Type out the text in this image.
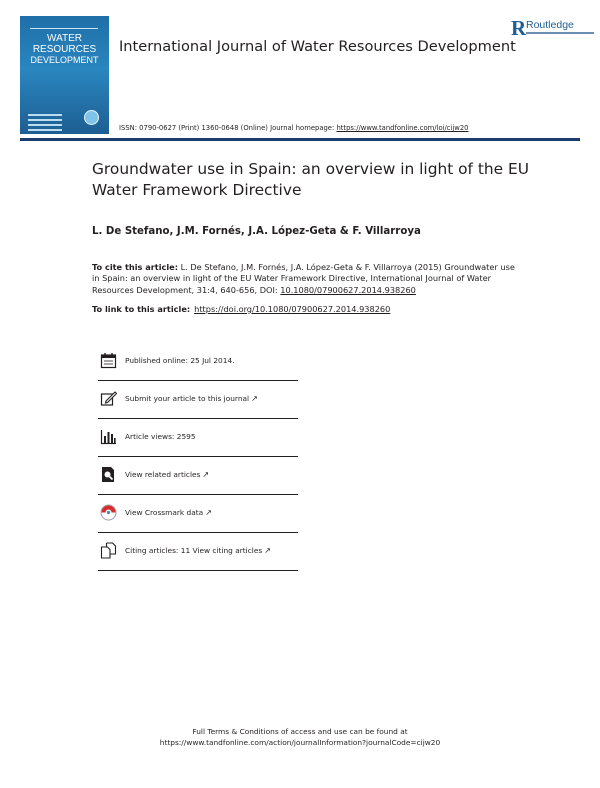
WATER
RESOURCES
DEVELOPMENT
International Journal of Water Resources Development
R Routledge
ISSN: 0790-0627 (Print) 1360-0648 (Online) Journal homepage: https://www.tandfonline.com/loi/cijw20
Groundwater use in Spain: an overview in light of the EU Water Framework Directive
L. De Stefano, J.M. Fornés, J.A. López-Geta & F. Villarroya
To cite this article: L. De Stefano, J.M. Fornés, J.A. López-Geta & F. Villarroya (2015) Groundwater use in Spain: an overview in light of the EU Water Framework Directive, International Journal of Water Resources Development, 31:4, 640-656, DOI: 10.1080/07900627.2014.938260
To link to this article: https://doi.org/10.1080/07900627.2014.938260
Published online: 25 Jul 2014.
Submit your article to this journal ↗
Article views: 2595
View related articles ↗
View Crossmark data ↗
Citing articles: 11 View citing articles ↗
Full Terms & Conditions of access and use can be found at
https://www.tandfonline.com/action/journalInformation?journalCode=cijw20
